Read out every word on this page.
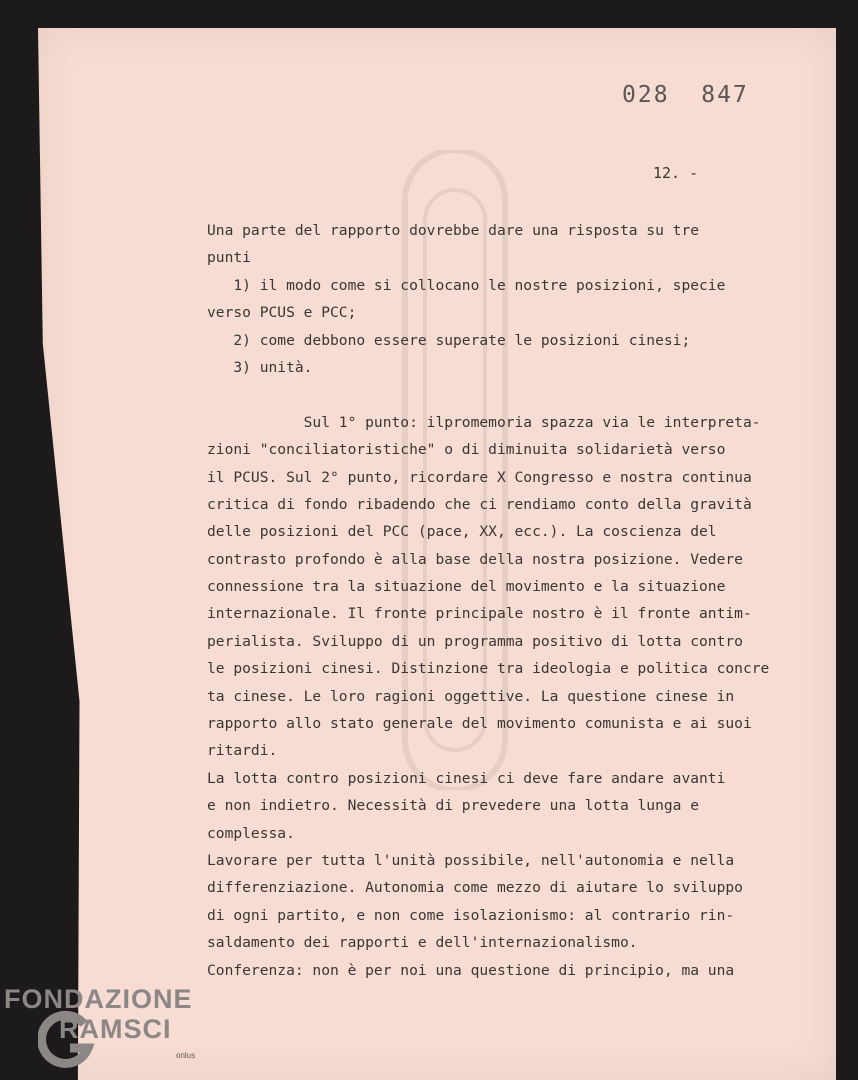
028  847
12. -
Una parte del rapporto dovrebbe dare una risposta su tre
punti
1) il modo come si collocano le nostre posizioni, specie
verso PCUS e PCC;
2) come debbono essere superate le posizioni cinesi;
3) unità.
Sul 1° punto: ilpromemoria spazza via le interpreta-
zioni "conciliatoristiche" o di diminuita solidarietà verso
il PCUS. Sul 2° punto, ricordare X Congresso e nostra continua
critica di fondo ribadendo che ci rendiamo conto della gravità
delle posizioni del PCC (pace, XX, ecc.). La coscienza del
contrasto profondo è alla base della nostra posizione. Vedere
connessione tra la situazione del movimento e la situazione
internazionale. Il fronte principale nostro è il fronte antim-
perialista. Sviluppo di un programma positivo di lotta contro
le posizioni cinesi. Distinzione tra ideologia e politica concre
ta cinese. Le loro ragioni oggettive. La questione cinese in
rapporto allo stato generale del movimento comunista e ai suoi
ritardi.
La lotta contro posizioni cinesi ci deve fare andare avanti
e non indietro. Necessità di prevedere una lotta lunga e
complessa.
Lavorare per tutta l'unità possibile, nell'autonomia e nella
differenziazione. Autonomia come mezzo di aiutare lo sviluppo
di ogni partito, e non come isolazionismo: al contrario rin-
saldamento dei rapporti e dell'internazionalismo.
Conferenza: non è per noi una questione di principio, ma una
FONDAZIONE
RAMSCI
onlus
